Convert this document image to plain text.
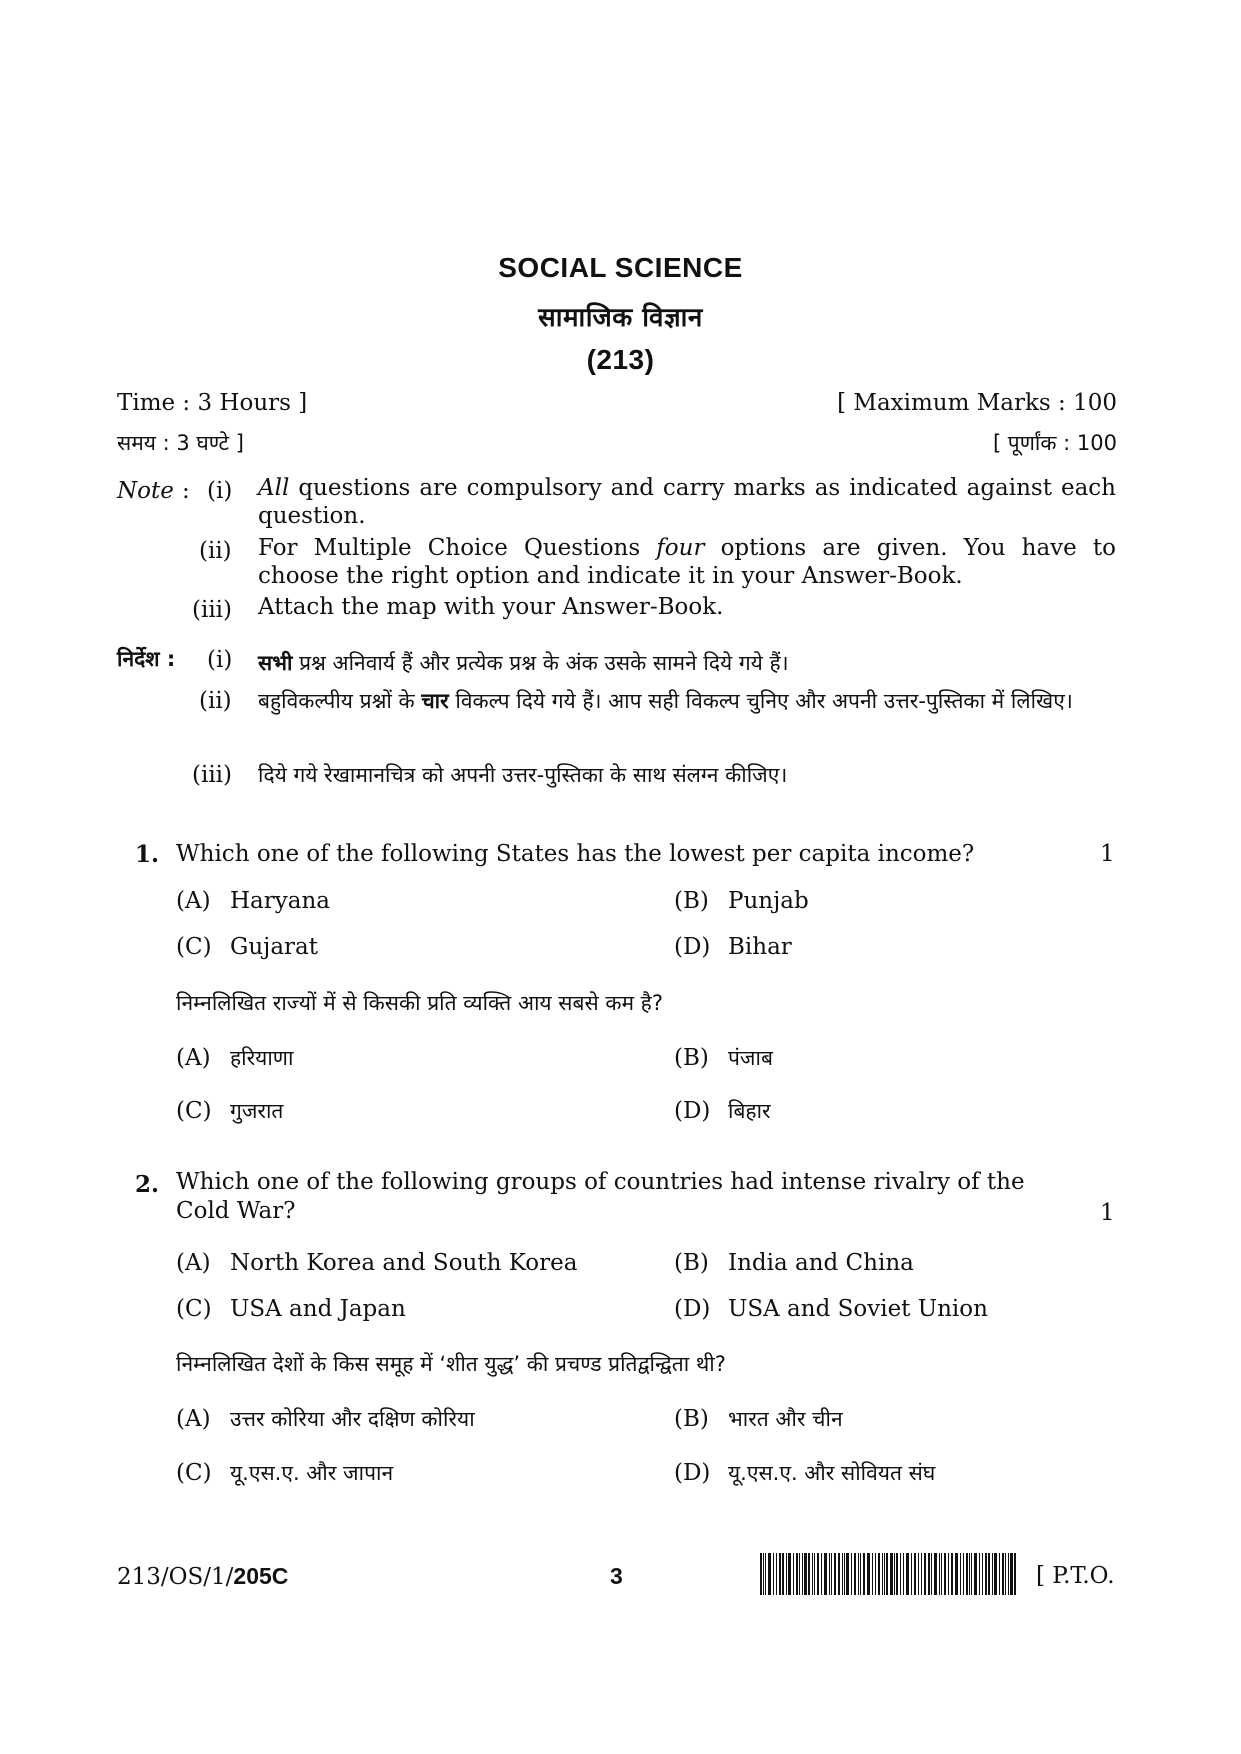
SOCIAL SCIENCE
सामाजिक विज्ञान
(213)
Time : 3 Hours ]	[ Maximum Marks : 100
समय : 3 घण्टे ]	[ पूर्णांक : 100
Note : (i) All questions are compulsory and carry marks as indicated against each question.
(ii) For Multiple Choice Questions four options are given. You have to choose the right option and indicate it in your Answer-Book.
(iii) Attach the map with your Answer-Book.
निर्देश : (i) सभी प्रश्न अनिवार्य हैं और प्रत्येक प्रश्न के अंक उसके सामने दिये गये हैं।
(ii) बहुविकल्पीय प्रश्नों के चार विकल्प दिये गये हैं। आप सही विकल्प चुनिए और अपनी उत्तर-पुस्तिका में लिखिए।
(iii) दिये गये रेखामानचित्र को अपनी उत्तर-पुस्तिका के साथ संलग्न कीजिए।
1. Which one of the following States has the lowest per capita income?	1
(A) Haryana	(B) Punjab
(C) Gujarat	(D) Bihar
निम्नलिखित राज्यों में से किसकी प्रति व्यक्ति आय सबसे कम है?
(A) हरियाणा	(B) पंजाब
(C) गुजरात	(D) बिहार
2. Which one of the following groups of countries had intense rivalry of the Cold War?	1
(A) North Korea and South Korea	(B) India and China
(C) USA and Japan	(D) USA and Soviet Union
निम्नलिखित देशों के किस समूह में ‘शीत युद्ध’ की प्रचण्ड प्रतिद्वन्द्विता थी?
(A) उत्तर कोरिया और दक्षिण कोरिया	(B) भारत और चीन
(C) यू.एस.ए. और जापान	(D) यू.एस.ए. और सोवियत संघ
213/OS/1/205C	3	[ P.T.O.
